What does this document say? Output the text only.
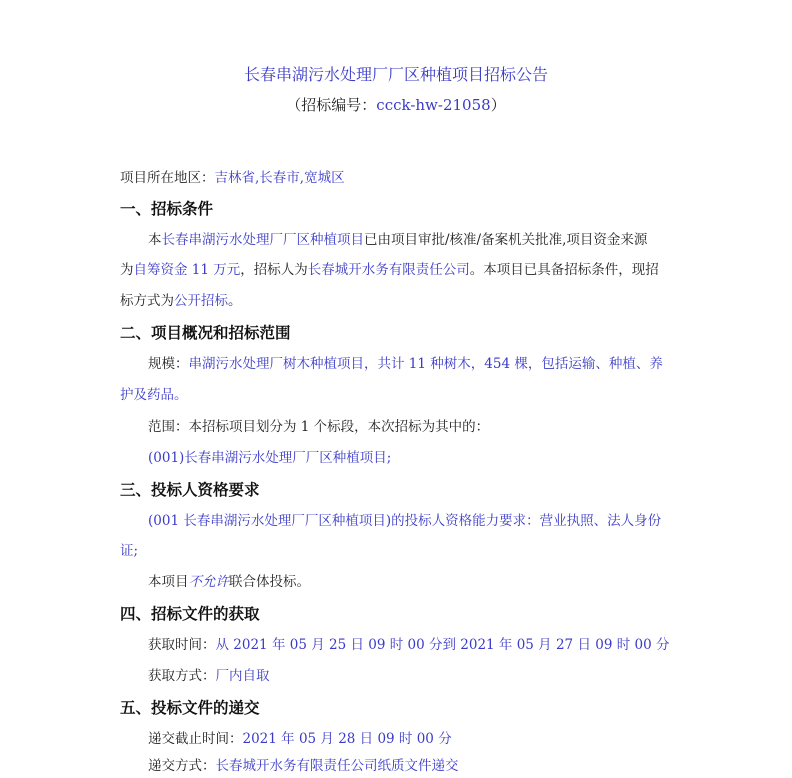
长春串湖污水处理厂厂区种植项目招标公告
（招标编号：ccck-hw-21058）
项目所在地区：吉林省,长春市,宽城区
一、招标条件
本长春串湖污水处理厂厂区种植项目已由项目审批/核准/备案机关批准,项目资金来源
为自筹资金 11 万元，招标人为长春城开水务有限责任公司。本项目已具备招标条件，现招
标方式为公开招标。
二、项目概况和招标范围
规模：串湖污水处理厂树木种植项目，共计 11 种树木，454 棵，包括运输、种植、养
护及药品。
范围：本招标项目划分为 1 个标段，本次招标为其中的：
(001)长春串湖污水处理厂厂区种植项目;
三、投标人资格要求
(001 长春串湖污水处理厂厂区种植项目)的投标人资格能力要求：营业执照、法人身份
证;
本项目不允许联合体投标。
四、招标文件的获取
获取时间：从 2021 年 05 月 25 日 09 时 00 分到 2021 年 05 月 27 日 09 时 00 分
获取方式：厂内自取
五、投标文件的递交
递交截止时间：2021 年 05 月 28 日 09 时 00 分
递交方式：长春城开水务有限责任公司纸质文件递交
